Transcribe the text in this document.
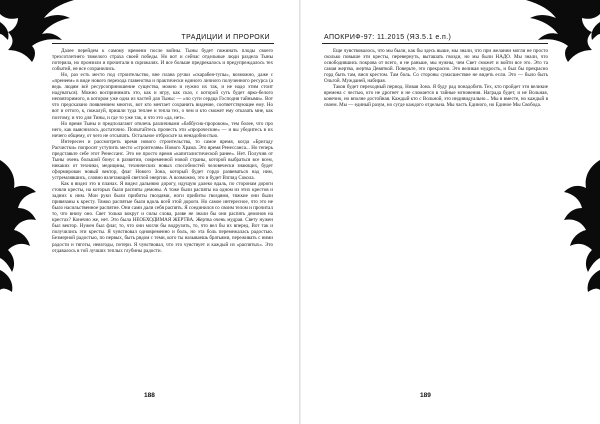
ТРАДИЦИИ И ПРОРОКИ

Далее перейдем к самому времени после войны. Тыны будет пожинать плоды своего трехсотлетнего тяжелого страха своей победы. Но вот и сейчас отдельные люди раздела Тыны потеряла, но пронзили и прочитали в скрижалях. И все больше предрекалось и предупреждалось тех событий, не все сохранились.

Но, раз есть место под строительство, вне плана ручки «скарабея-тупы», возможно, даже с «пренеем» в виде нового перехода главенства и практически единого личного полученного ресурса (а ведь людям всё ресурсоприношение существа, можно и нужно их так, и не надо этим стоит надуваться). Можно воспринимать это, как и игру, как сказ, с которой суть будет ярко-белого неповторимого, в котором уже одна из частей для Тыны: — «по сути сердца Господня тайными». Вот что предсказано появлением многих, вот кто мечтает сохранить видение, соответствующее ему. Но вот и оттого, к, пожалуй, пришли туда теплее и тепла тех, о чем и кто сможет ему отказать мне, как поэтому, и что для Тины, и где то уже так, и что это «да, нет».

Но время Тыны и предполагают отвлечь различными «баббусик-пророком», тем более, что про него, как выяснилось достаточно. Попытайтесь прочесть эти «пророческие» — и вы убедитесь в их ничего общему, от чего не отсыпать. Остальное отбросьте за ненадобностью.

Интересен и рассмотреть время нового строительства, то самое время, когда «Бригаду Расчистки» попросят уступить место «строителям» Нового Храма. Это время Ренессанса... Но теперь представьте себе этот Ренессанс. Это не просто время «капиталистической ранее». Нет. Получив от Тыны очень большой бонус в развитии, современной новой страны, которой выбраться все всем, никаких от техники, медицины, технических новых способностей человечески знающих, будет сформирован новый вектор, флаг Нового Зона, который будет гордо развеваться над ним, устремлявшись, словно взлетающей светлой энергии. А возможно, это и будет Взгляд Сокола.

Как я видел это в планах. Я видел дальнюю дорогу, идущую далеко вдаль, по сторонам дороги стояли кресты, на которых были распяты демоны. А тоже были распяты на одном из этих крестов и задних к ним. Мои руки были прибиты гвоздями, ноги прибиты гвоздями, тяжкие они были привязаны к кресту. Тяжко распятые были вдоль всей этой дороги. Но самое интересное, что это не было насильственное распятие. Они сами дали себя распять. Я соединился со своим телом и прочитал то, что внизу оно. Свет только вокруг и силы слова, разве не знали бы они распять демонов на крестах? Конечно же, нет. Это была НЕОБХОДИМАЯ ЖЕРТВА. Жертва очень мудрая. Свету нужен был вектор. Нужен был флаг, то, что они могли бы водрузить, то, что вел бы их вперед. Вот так и получились эти кресты. Я чувствовал одновременно и боль, но эта боль перемежалась радостью. Безмерной радостью, по первых, быть рядом с теми, кого ты называешь братьями, переживать с ними радости и тяготы, невзгоды, потери. Я чувствовал, что это чувствует и каждый из «распятых». Это отдавалось в той лучших теплых глубины радости.

188
АПОКРИФ-97: 11.2015 (ЯЗ.5.1 е.п.)

Еще чувствовалось, что мы были, как бы здесь выше, мы знали, что при желании могли не просто сколько повыше эти кресты, перевернуть, выташать гвозди, но мы были НАДО. Мы знали, что освободившись покрова от всего, и не раньше, мы нужны, чем Свет сможет и войти все это. Это та самая жертва, жертва Девяткой. Поверьте, это прекрасно. Это великая мудрость, и был бы прекрасно горд быть там, вися крестом. Там боль. Со стороны сумасшествие не видеть если. Это — было быть Ольгой. Мужданей, набирая.

Таков будет переходный период. Новая Зона. Я буду рад понадобить Тех, кто пройдет эти великие времена с честью, кто не дрогнет и не сломается в тайные мгновения. Награда будет, и не Вольная, конечно, но вполне достойная. Каждый кто с Вольной, это индивидуально... Мы в вместе, но каждый в своем. Мы — единый разум, но сугде каждого отдельна. Мы часть Единого, но Единое Мы Свобода.

189
